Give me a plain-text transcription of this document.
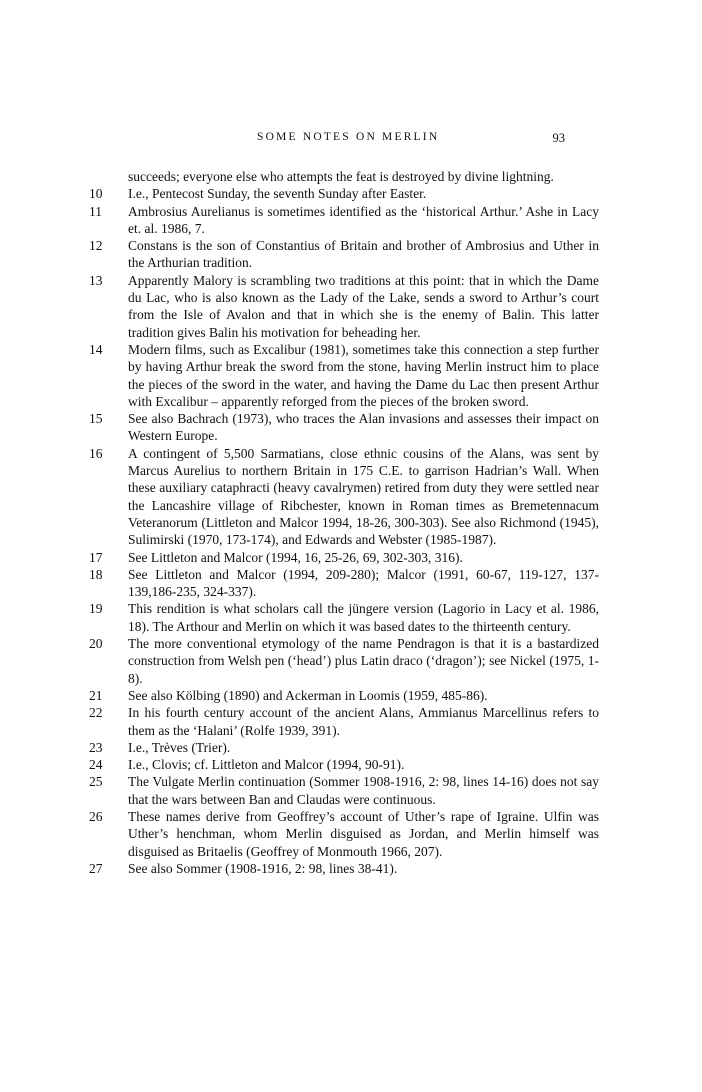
SOME NOTES ON MERLIN	93
succeeds; everyone else who attempts the feat is destroyed by divine lightning.
10	I.e., Pentecost Sunday, the seventh Sunday after Easter.
11	Ambrosius Aurelianus is sometimes identified as the ‘historical Arthur.’ Ashe in Lacy et. al. 1986, 7.
12	Constans is the son of Constantius of Britain and brother of Ambrosius and Uther in the Arthurian tradition.
13	Apparently Malory is scrambling two traditions at this point: that in which the Dame du Lac, who is also known as the Lady of the Lake, sends a sword to Arthur’s court from the Isle of Avalon and that in which she is the enemy of Balin. This latter tradition gives Balin his motivation for beheading her.
14	Modern films, such as Excalibur (1981), sometimes take this connection a step further by having Arthur break the sword from the stone, having Merlin instruct him to place the pieces of the sword in the water, and having the Dame du Lac then present Arthur with Excalibur – apparently reforged from the pieces of the broken sword.
15	See also Bachrach (1973), who traces the Alan invasions and assesses their impact on Western Europe.
16	A contingent of 5,500 Sarmatians, close ethnic cousins of the Alans, was sent by Marcus Aurelius to northern Britain in 175 C.E. to garrison Hadrian’s Wall. When these auxiliary cataphracti (heavy cavalrymen) retired from duty they were settled near the Lancashire village of Ribchester, known in Roman times as Bremetennacum Veteranorum (Littleton and Malcor 1994, 18-26, 300-303). See also Richmond (1945), Sulimirski (1970, 173-174), and Edwards and Webster (1985-1987).
17	See Littleton and Malcor (1994, 16, 25-26, 69, 302-303, 316).
18	See Littleton and Malcor (1994, 209-280); Malcor (1991, 60-67, 119-127, 137-139,186-235, 324-337).
19	This rendition is what scholars call the jüngere version (Lagorio in Lacy et al. 1986, 18). The Arthour and Merlin on which it was based dates to the thirteenth century.
20	The more conventional etymology of the name Pendragon is that it is a bastardized construction from Welsh pen (‘head’) plus Latin draco (‘dragon’); see Nickel (1975, 1-8).
21	See also Kölbing (1890) and Ackerman in Loomis (1959, 485-86).
22	In his fourth century account of the ancient Alans, Ammianus Marcellinus refers to them as the ‘Halani’ (Rolfe 1939, 391).
23	I.e., Trèves (Trier).
24	I.e., Clovis; cf. Littleton and Malcor (1994, 90-91).
25	The Vulgate Merlin continuation (Sommer 1908-1916, 2: 98, lines 14-16) does not say that the wars between Ban and Claudas were continuous.
26	These names derive from Geoffrey’s account of Uther’s rape of Igraine. Ulfin was Uther’s henchman, whom Merlin disguised as Jordan, and Merlin himself was disguised as Britaelis (Geoffrey of Monmouth 1966, 207).
27	See also Sommer (1908-1916, 2: 98, lines 38-41).
